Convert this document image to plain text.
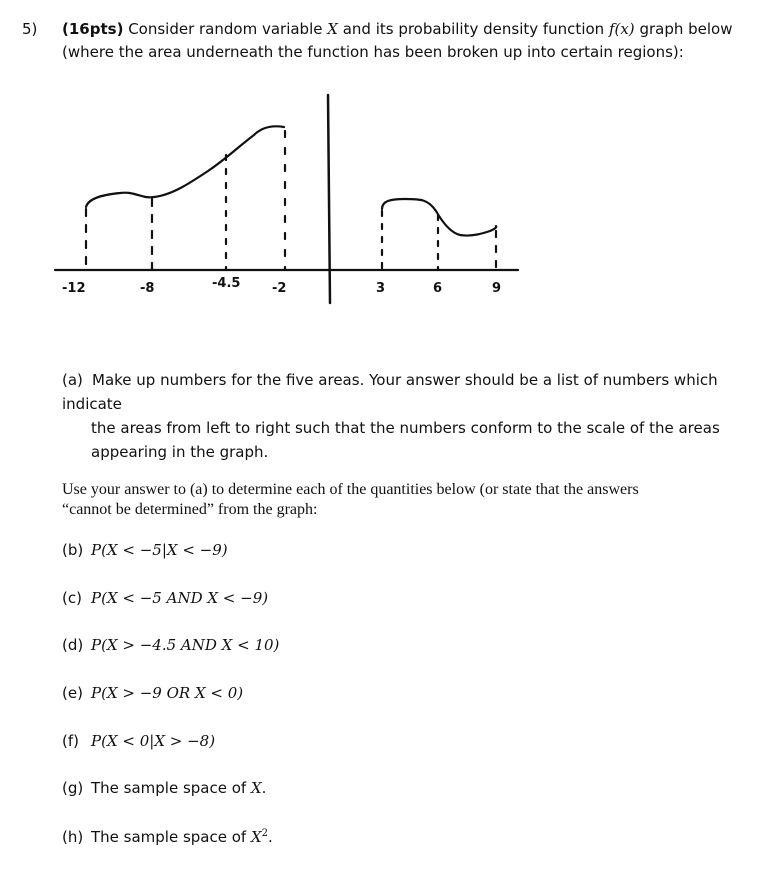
5) (16pts) Consider random variable X and its probability density function f(x) graph below
(where the area underneath the function has been broken up into certain regions):
-12	-8	-4.5 -2	3	6	9
(a) Make up numbers for the five areas. Your answer should be a list of numbers which indicate
the areas from left to right such that the numbers conform to the scale of the areas
appearing in the graph.
Use your answer to (a) to determine each of the quantities below (or state that the answers
“cannot be determined” from the graph:
(b) P(X < −5|X < −9)
(c) P(X < −5 AND X < −9)
(d) P(X > −4.5 AND X < 10)
(e) P(X > −9 OR X < 0)
(f) P(X < 0|X > −8)
(g) The sample space of X.
(h) The sample space of $X^2$.
